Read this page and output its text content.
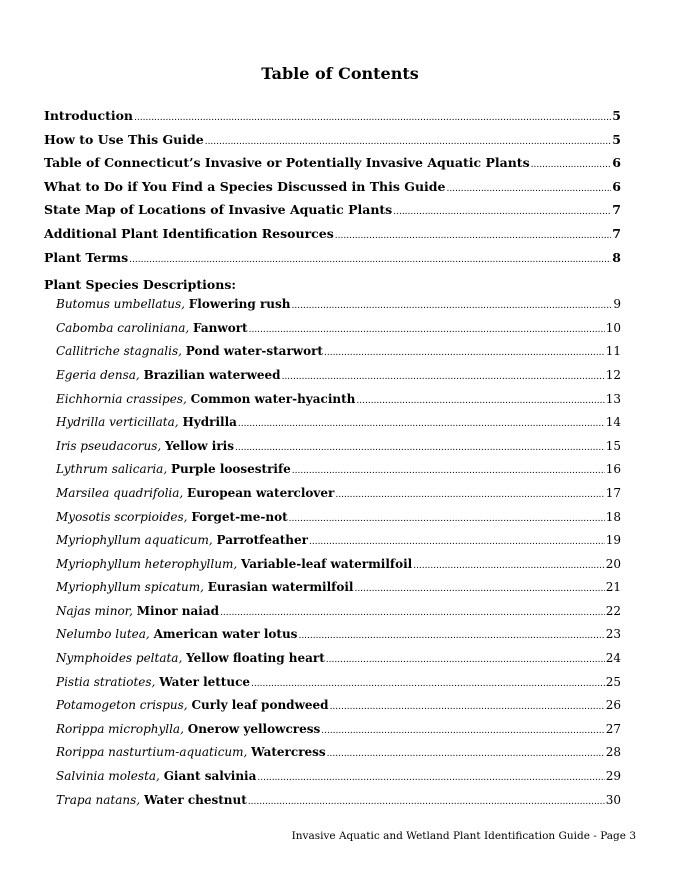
Table of Contents
Introduction .....	5
How to Use This Guide .....	5
Table of Connecticut’s Invasive or Potentially Invasive Aquatic Plants .....	6
What to Do if You Find a Species Discussed in This Guide .....	6
State Map of Locations of Invasive Aquatic Plants .....	7
Additional Plant Identification Resources .....	7
Plant Terms .....	8
Plant Species Descriptions:
Butomus umbellatus, Flowering rush .....	9
Cabomba caroliniana, Fanwort .....	10
Callitriche stagnalis, Pond water-starwort .....	11
Egeria densa, Brazilian waterweed .....	12
Eichhornia crassipes, Common water-hyacinth .....	13
Hydrilla verticillata, Hydrilla .....	14
Iris pseudacorus, Yellow iris .....	15
Lythrum salicaria, Purple loosestrife .....	16
Marsilea quadrifolia, European waterclover .....	17
Myosotis scorpioides, Forget-me-not .....	18
Myriophyllum aquaticum, Parrotfeather .....	19
Myriophyllum heterophyllum, Variable-leaf watermilfoil .....	20
Myriophyllum spicatum, Eurasian watermilfoil .....	21
Najas minor, Minor naiad .....	22
Nelumbo lutea, American water lotus .....	23
Nymphoides peltata, Yellow floating heart .....	24
Pistia stratiotes, Water lettuce .....	25
Potamogeton crispus, Curly leaf pondweed .....	26
Rorippa microphylla, Onerow yellowcress .....	27
Rorippa nasturtium-aquaticum, Watercress .....	28
Salvinia molesta, Giant salvinia .....	29
Trapa natans, Water chestnut .....	30
Invasive Aquatic and Wetland Plant Identification Guide - Page 3
